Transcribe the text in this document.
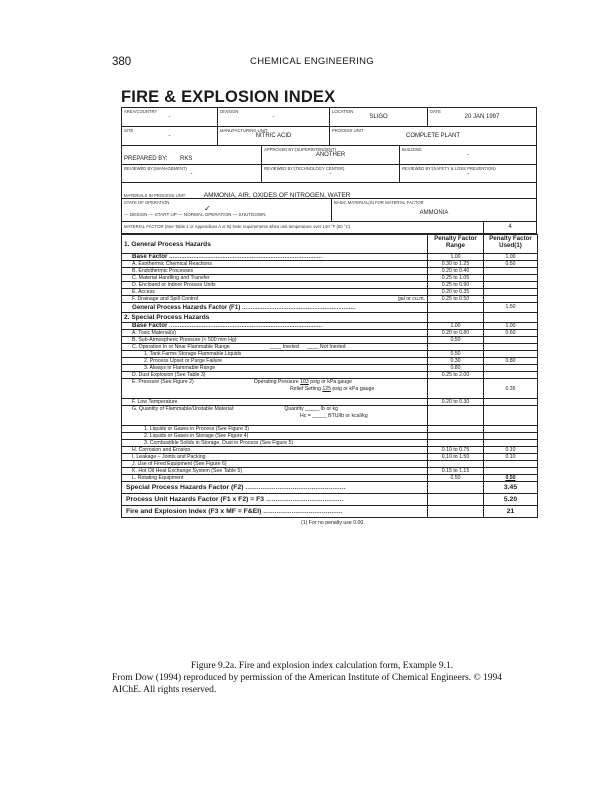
380	CHEMICAL ENGINEERING
FIRE & EXPLOSION INDEX
AREA/COUNTRY
-
DIVISION
-
LOCATION
SLIGO
DATE
20 JAN 1997
SITE
-
MANUFACTURING UNIT
NITRIC ACID
PROCESS UNIT
COMPLETE PLANT
PREPARED BY: RKS
APPROVED BY:(SUPERINTENDENT)
ANOTHER
BUILDING
-
REVIEWED BY:(MANAGEMENT)
-
REVIEWED BY:(TECHNOLOGY CENTER)
-
REVIEWED BY:(SAFETY & LOSS PREVENTION)
-
MATERIALS IN PROCESS UNIT	AMMONIA, AIR, OXIDES OF NITROGEN, WATER
STATE OF OPERATION
✓
— DESIGN — START UP — NORMAL OPERATION — SHUTDOWN
BASIC MATERIAL(S) FOR MATERIAL FACTOR
AMMONIA
MATERIAL FACTOR (See Table 1 or Appendices A or B) Note requirements when unit temperature over 140 °F (60 °C)	4
1. General Process Hazards	Penalty Factor Range	Penalty Factor Used(1)
Base Factor .........................................................................................	1.00	1.00
A. Exothermic Chemical Reactions	0.30 to 1.25	0.50
B. Endothermic Processes	0.20 to 0.40	
C. Material Handling and Transfer	0.25 to 1.05	
D. Enclosed or Indoor Process Units	0.25 to 0.90	
E. Access	0.20 to 0.35	
F. Drainage and Spill Control gal or cu.m.	0.25 to 0.50	
General Process Hazards Factor (F1) ..................................................................		1.50
2. Special Process Hazards		
Base Factor .........................................................................................	1.00	1.00
A. Toxic Material(s)	0.20 to 0.80	0.60
B. Sub-Atmospheric Pressure (< 500 mm Hg)	0.50	
C. Operation In or Near Flammable Range ____ Inerted ____ Not Inerted		
1. Tank Farms Storage Flammable Liquids	0.50	
2. Process Upset or Purge Failure	0.30	0.80
3. Always in Flammable Range	0.80	
D. Dust Explosion (See Table 3)	0.25 to 2.00	

E. Pressure (See Figure 2) Operating Pressure 103 psig or kPa gauge
Relief Setting 125 psig or kPa gauge		0.35
F. Low Temperature	0.20 to 0.30	

G. Quantity of Flammable/Unstable Material: Quantity _____ lb or kg
Hc = _____ BTU/lb or kcal/kg		

1. Liquids or Gases in Process (See Figure 3)		
2. Liquids or Gases in Storage (See Figure 4)		
3. Combustible Solids in Storage, Dust in Process (See Figure 5)		
H. Corrosion and Erosion	0.10 to 0.75	0.10
I. Leakage – Joints and Packing	0.10 to 1.50	0.10
J. Use of Fired Equipment (See Figure 6)		
K. Hot Oil Heat Exchange System (See Table 5)	0.15 to 1.15	
L. Rotating Equipment	0.50	0.50
Special Process Hazards Factor (F2) .....................................................		3.45
Process Unit Hazards Factor (F1 x F2) = F3 .........................................		5.20
Fire and Explosion Index (F3 x MF = F&EI) ..........................................		21
(1) For no penalty use 0.00.
Figure 9.2a. Fire and explosion index calculation form, Example 9.1.
From Dow (1994) reproduced by permission of the American Institute of Chemical Engineers. © 1994 AIChE. All rights reserved.
